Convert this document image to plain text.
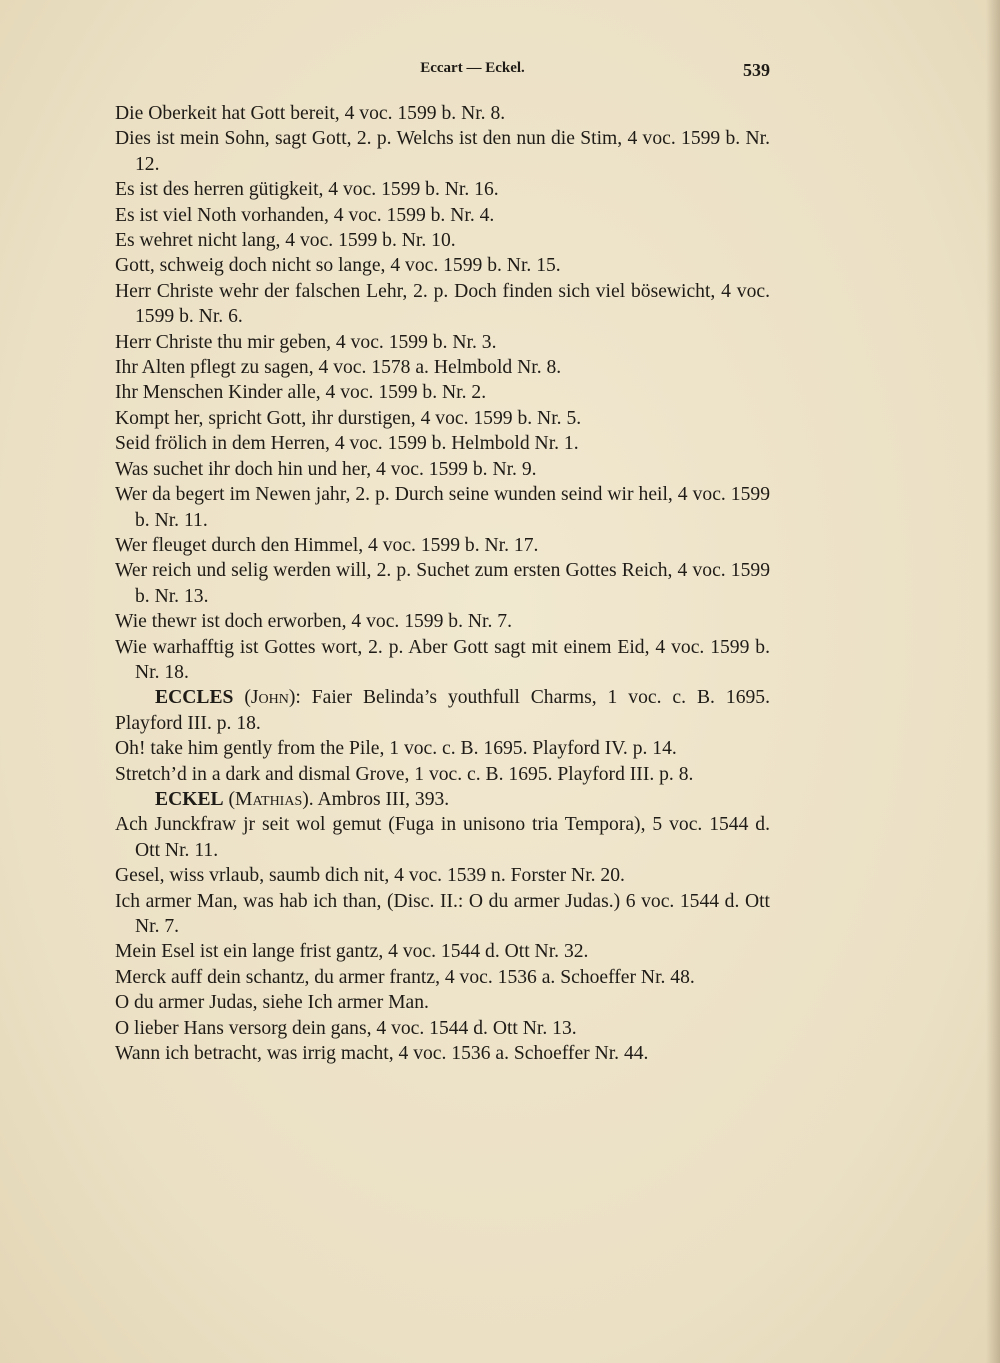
Eccart — Eckel.	539
Die Oberkeit hat Gott bereit, 4 voc. 1599 b. Nr. 8.
Dies ist mein Sohn, sagt Gott, 2. p. Welchs ist den nun die Stim, 4 voc. 1599 b. Nr. 12.
Es ist des herren gütigkeit, 4 voc. 1599 b. Nr. 16.
Es ist viel Noth vorhanden, 4 voc. 1599 b. Nr. 4.
Es wehret nicht lang, 4 voc. 1599 b. Nr. 10.
Gott, schweig doch nicht so lange, 4 voc. 1599 b. Nr. 15.
Herr Christe wehr der falschen Lehr, 2. p. Doch finden sich viel bösewicht, 4 voc. 1599 b. Nr. 6.
Herr Christe thu mir geben, 4 voc. 1599 b. Nr. 3.
Ihr Alten pflegt zu sagen, 4 voc. 1578 a. Helmbold Nr. 8.
Ihr Menschen Kinder alle, 4 voc. 1599 b. Nr. 2.
Kompt her, spricht Gott, ihr durstigen, 4 voc. 1599 b. Nr. 5.
Seid frölich in dem Herren, 4 voc. 1599 b. Helmbold Nr. 1.
Was suchet ihr doch hin und her, 4 voc. 1599 b. Nr. 9.
Wer da begert im Newen jahr, 2. p. Durch seine wunden seind wir heil, 4 voc. 1599 b. Nr. 11.
Wer fleuget durch den Himmel, 4 voc. 1599 b. Nr. 17.
Wer reich und selig werden will, 2. p. Suchet zum ersten Gottes Reich, 4 voc. 1599 b. Nr. 13.
Wie thewr ist doch erworben, 4 voc. 1599 b. Nr. 7.
Wie warhafftig ist Gottes wort, 2. p. Aber Gott sagt mit einem Eid, 4 voc. 1599 b. Nr. 18.
ECCLES (John): Faier Belinda’s youthfull Charms, 1 voc. c. B. 1695. Playford III. p. 18.
Oh! take him gently from the Pile, 1 voc. c. B. 1695. Playford IV. p. 14.
Stretch’d in a dark and dismal Grove, 1 voc. c. B. 1695. Playford III. p. 8.
ECKEL (Mathias). Ambros III, 393.
Ach Junckfraw jr seit wol gemut (Fuga in unisono tria Tempora), 5 voc. 1544 d. Ott Nr. 11.
Gesel, wiss vrlaub, saumb dich nit, 4 voc. 1539 n. Forster Nr. 20.
Ich armer Man, was hab ich than, (Disc. II.: O du armer Judas.) 6 voc. 1544 d. Ott Nr. 7.
Mein Esel ist ein lange frist gantz, 4 voc. 1544 d. Ott Nr. 32.
Merck auff dein schantz, du armer frantz, 4 voc. 1536 a. Schoeffer Nr. 48.
O du armer Judas, siehe Ich armer Man.
O lieber Hans versorg dein gans, 4 voc. 1544 d. Ott Nr. 13.
Wann ich betracht, was irrig macht, 4 voc. 1536 a. Schoeffer Nr. 44.
